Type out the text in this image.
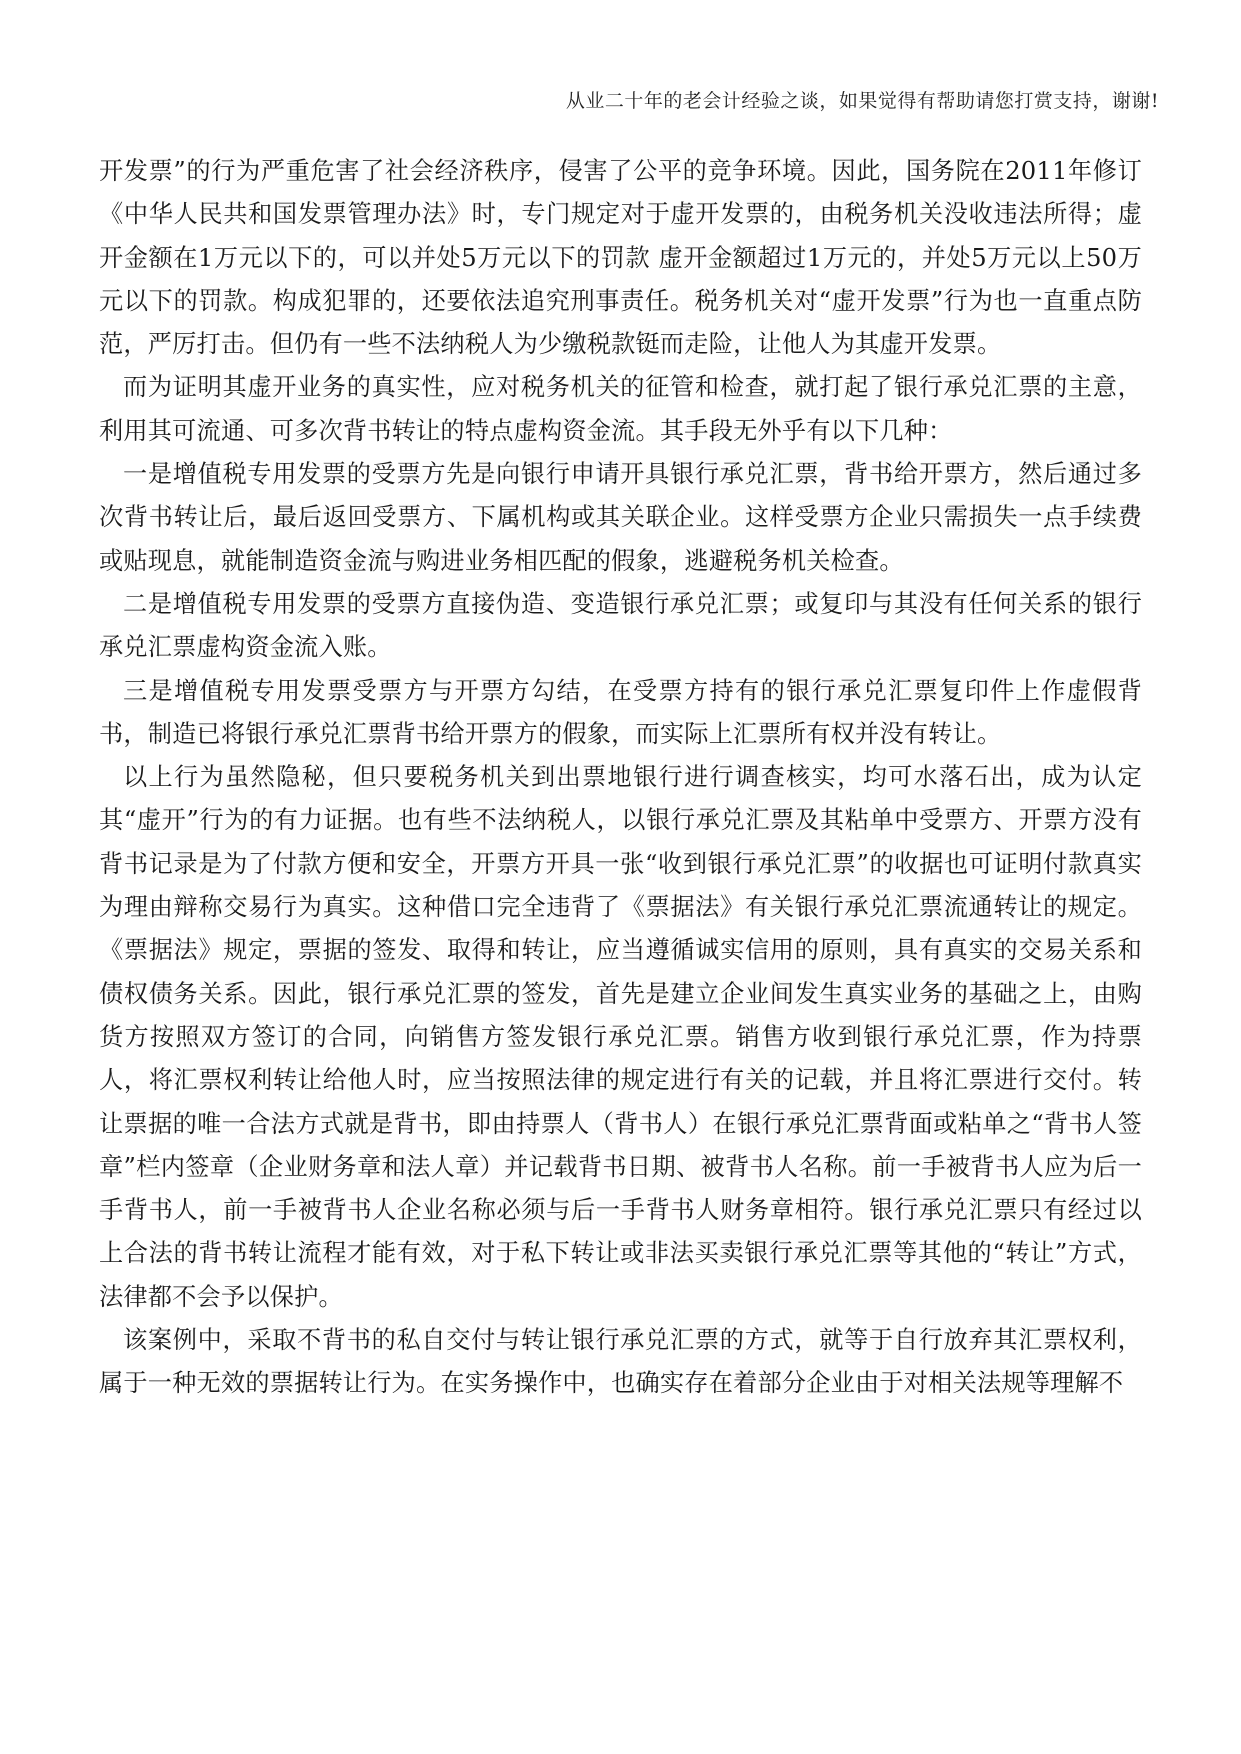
从业二十年的老会计经验之谈，如果觉得有帮助请您打赏支持，谢谢!

开发票”的行为严重危害了社会经济秩序，侵害了公平的竞争环境。因此，国务院在2011年修订《中华人民共和国发票管理办法》时，专门规定对于虚开发票的，由税务机关没收违法所得；虚开金额在1万元以下的，可以并处5万元以下的罚款 虚开金额超过1万元的，并处5万元以上50万元以下的罚款。构成犯罪的，还要依法追究刑事责任。税务机关对“虚开发票”行为也一直重点防范，严厉打击。但仍有一些不法纳税人为少缴税款铤而走险，让他人为其虚开发票。

而为证明其虚开业务的真实性，应对税务机关的征管和检查，就打起了银行承兑汇票的主意，利用其可流通、可多次背书转让的特点虚构资金流。其手段无外乎有以下几种：

一是增值税专用发票的受票方先是向银行申请开具银行承兑汇票，背书给开票方，然后通过多次背书转让后，最后返回受票方、下属机构或其关联企业。这样受票方企业只需损失一点手续费或贴现息，就能制造资金流与购进业务相匹配的假象，逃避税务机关检查。

二是增值税专用发票的受票方直接伪造、变造银行承兑汇票；或复印与其没有任何关系的银行承兑汇票虚构资金流入账。

三是增值税专用发票受票方与开票方勾结，在受票方持有的银行承兑汇票复印件上作虚假背书，制造已将银行承兑汇票背书给开票方的假象，而实际上汇票所有权并没有转让。

以上行为虽然隐秘，但只要税务机关到出票地银行进行调查核实，均可水落石出，成为认定其“虚开”行为的有力证据。也有些不法纳税人，以银行承兑汇票及其粘单中受票方、开票方没有背书记录是为了付款方便和安全，开票方开具一张“收到银行承兑汇票”的收据也可证明付款真实为理由辩称交易行为真实。这种借口完全违背了《票据法》有关银行承兑汇票流通转让的规定。《票据法》规定，票据的签发、取得和转让，应当遵循诚实信用的原则，具有真实的交易关系和债权债务关系。因此，银行承兑汇票的签发，首先是建立企业间发生真实业务的基础之上，由购货方按照双方签订的合同，向销售方签发银行承兑汇票。销售方收到银行承兑汇票，作为持票人，将汇票权利转让给他人时，应当按照法律的规定进行有关的记载，并且将汇票进行交付。转让票据的唯一合法方式就是背书，即由持票人（背书人）在银行承兑汇票背面或粘单之“背书人签章”栏内签章（企业财务章和法人章）并记载背书日期、被背书人名称。前一手被背书人应为后一手背书人，前一手被背书人企业名称必须与后一手背书人财务章相符。银行承兑汇票只有经过以上合法的背书转让流程才能有效，对于私下转让或非法买卖银行承兑汇票等其他的“转让”方式，法律都不会予以保护。

该案例中，采取不背书的私自交付与转让银行承兑汇票的方式，就等于自行放弃其汇票权利，属于一种无效的票据转让行为。在实务操作中，也确实存在着部分企业由于对相关法规等理解不
